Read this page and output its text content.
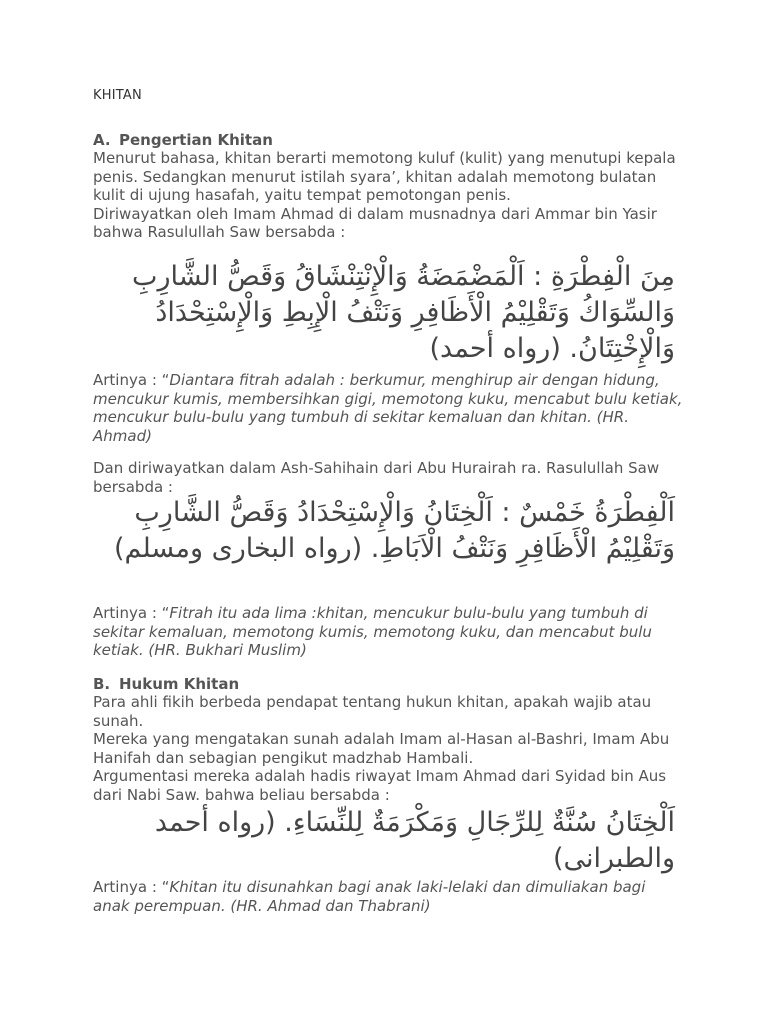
KHITAN

A. Pengertian Khitan

Menurut bahasa, khitan berarti memotong kuluf (kulit) yang menutupi kepala penis. Sedangkan menurut istilah syara’, khitan adalah memotong bulatan kulit di ujung hasafah, yaitu tempat pemotongan penis.

Diriwayatkan oleh Imam Ahmad di dalam musnadnya dari Ammar bin Yasir bahwa Rasulullah Saw bersabda :

مِنَ الْفِطْرَةِ : اَلْمَضْمَضَةُ وَالْإِنْتِنْشَاقُ وَقَصُّ الشَّارِبِ وَالسِّوَاكُ وَتَقْلِيْمُ الْأَظَافِرِ وَنَتْفُ الْإِبِطِ وَالْإِسْتِحْدَادُ وَالْإِخْتِتَانُ. (رواه أحمد)

Artinya : “Diantara fitrah adalah : berkumur, menghirup air dengan hidung, mencukur kumis, membersihkan gigi, memotong kuku, mencabut bulu ketiak, mencukur bulu-bulu yang tumbuh di sekitar kemaluan dan khitan. (HR. Ahmad)

Dan diriwayatkan dalam Ash-Sahihain dari Abu Hurairah ra. Rasulullah Saw bersabda :

اَلْفِطْرَةُ خَمْسٌ : اَلْخِتَانُ وَالْإِسْتِحْدَادُ وَقَصُّ الشَّارِبِ وَتَقْلِيْمُ الْأَظَافِرِ وَنَتْفُ الْاَبَاطِ. (رواه البخارى ومسلم)

Artinya : “Fitrah itu ada lima :khitan, mencukur bulu-bulu yang tumbuh di sekitar kemaluan, memotong kumis, memotong kuku, dan mencabut bulu ketiak. (HR. Bukhari Muslim)

B. Hukum Khitan

Para ahli fikih berbeda pendapat tentang hukun khitan, apakah wajib atau sunah.

Mereka yang mengatakan sunah adalah Imam al-Hasan al-Bashri, Imam Abu Hanifah dan sebagian pengikut madzhab Hambali.

Argumentasi mereka adalah hadis riwayat Imam Ahmad dari Syidad bin Aus dari Nabi Saw. bahwa beliau bersabda :

اَلْخِتَانُ سُنَّةٌ لِلرِّجَالِ وَمَكْرَمَةٌ لِلنِّسَاءِ. (رواه أحمد والطبرانى)

Artinya : “Khitan itu disunahkan bagi anak laki-lelaki dan dimuliakan bagi anak perempuan. (HR. Ahmad dan Thabrani)
